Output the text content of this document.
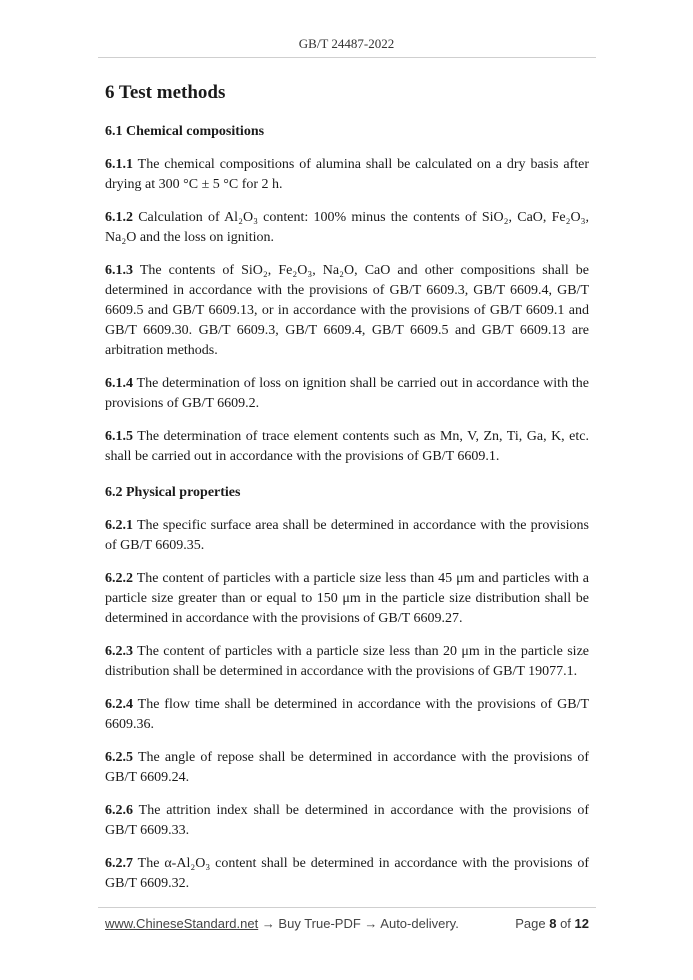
GB/T 24487-2022
6 Test methods
6.1 Chemical compositions
6.1.1 The chemical compositions of alumina shall be calculated on a dry basis after drying at 300 °C ± 5 °C for 2 h.
6.1.2 Calculation of Al₂O₃ content: 100% minus the contents of SiO₂, CaO, Fe₂O₃, Na₂O and the loss on ignition.
6.1.3 The contents of SiO₂, Fe₂O₃, Na₂O, CaO and other compositions shall be determined in accordance with the provisions of GB/T 6609.3, GB/T 6609.4, GB/T 6609.5 and GB/T 6609.13, or in accordance with the provisions of GB/T 6609.1 and GB/T 6609.30. GB/T 6609.3, GB/T 6609.4, GB/T 6609.5 and GB/T 6609.13 are arbitration methods.
6.1.4 The determination of loss on ignition shall be carried out in accordance with the provisions of GB/T 6609.2.
6.1.5 The determination of trace element contents such as Mn, V, Zn, Ti, Ga, K, etc. shall be carried out in accordance with the provisions of GB/T 6609.1.
6.2 Physical properties
6.2.1 The specific surface area shall be determined in accordance with the provisions of GB/T 6609.35.
6.2.2 The content of particles with a particle size less than 45 μm and particles with a particle size greater than or equal to 150 μm in the particle size distribution shall be determined in accordance with the provisions of GB/T 6609.27.
6.2.3 The content of particles with a particle size less than 20 μm in the particle size distribution shall be determined in accordance with the provisions of GB/T 19077.1.
6.2.4 The flow time shall be determined in accordance with the provisions of GB/T 6609.36.
6.2.5 The angle of repose shall be determined in accordance with the provisions of GB/T 6609.24.
6.2.6 The attrition index shall be determined in accordance with the provisions of GB/T 6609.33.
6.2.7 The α-Al₂O₃ content shall be determined in accordance with the provisions of GB/T 6609.32.
www.ChineseStandard.net → Buy True-PDF → Auto-delivery.	Page 8 of 12
